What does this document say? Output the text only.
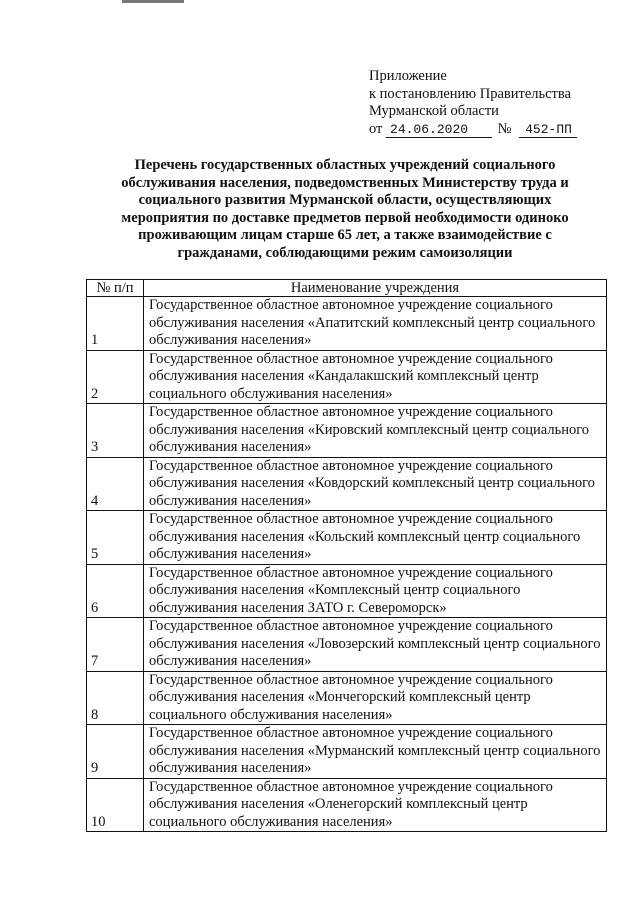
Приложение
к постановлению Правительства
Мурманской области
от 24.06.2020 № 452-ПП
Перечень государственных областных учреждений социального обслуживания населения, подведомственных Министерству труда и социального развития Мурманской области, осуществляющих мероприятия по доставке предметов первой необходимости одиноко проживающим лицам старше 65 лет, а также взаимодействие с гражданами, соблюдающими режим самоизоляции
№ п/п	Наименование учреждения
1	Государственное областное автономное учреждение социального обслуживания населения «Апатитский комплексный центр социального обслуживания населения»
2	Государственное областное автономное учреждение социального обслуживания населения «Кандалакшский комплексный центр социального обслуживания населения»
3	Государственное областное автономное учреждение социального обслуживания населения «Кировский комплексный центр социального обслуживания населения»
4	Государственное областное автономное учреждение социального обслуживания населения «Ковдорский комплексный центр социального обслуживания населения»
5	Государственное областное автономное учреждение социального обслуживания населения «Кольский комплексный центр социального обслуживания населения»
6	Государственное областное автономное учреждение социального обслуживания населения «Комплексный центр социального обслуживания населения ЗАТО г. Североморск»
7	Государственное областное автономное учреждение социального обслуживания населения «Ловозерский комплексный центр социального обслуживания населения»
8	Государственное областное автономное учреждение социального обслуживания населения «Мончегорский комплексный центр социального обслуживания населения»
9	Государственное областное автономное учреждение социального обслуживания населения «Мурманский комплексный центр социального обслуживания населения»
10	Государственное областное автономное учреждение социального обслуживания населения «Оленегорский комплексный центр социального обслуживания населения»
